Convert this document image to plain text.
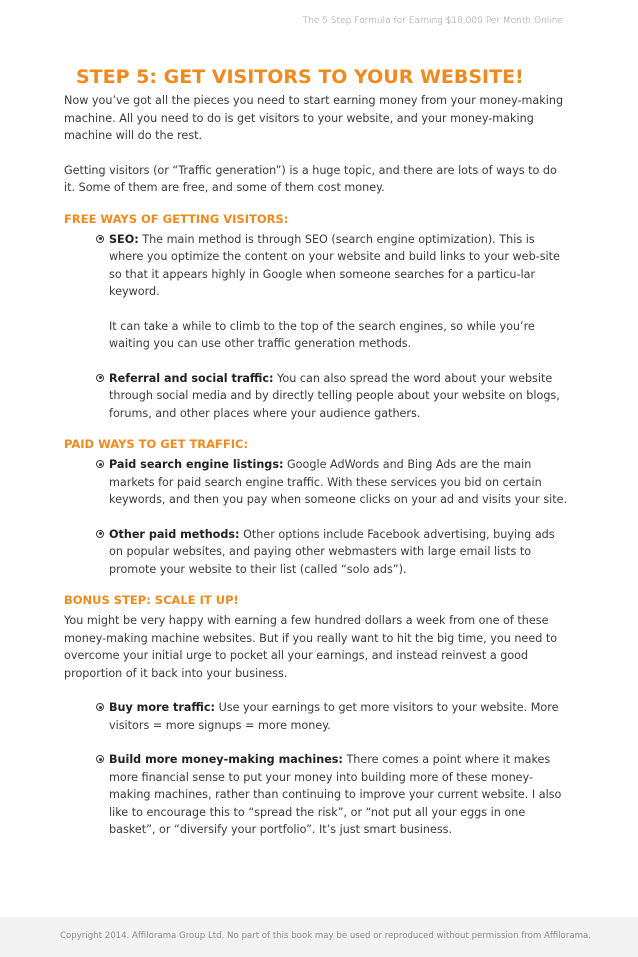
The 5 Step Formula for Earning $10,000 Per Month Online
STEP 5: GET VISITORS TO YOUR WEBSITE!

Now you’ve got all the pieces you need to start earning money from your money-making machine. All you need to do is get visitors to your website, and your money-making machine will do the rest.

Getting visitors (or “Traffic generation”) is a huge topic, and there are lots of ways to do it. Some of them are free, and some of them cost money.

FREE WAYS OF GETTING VISITORS:
SEO: The main method is through SEO (search engine optimization). This is where you optimize the content on your website and build links to your web-site so that it appears highly in Google when someone searches for a particu-lar keyword.
It can take a while to climb to the top of the search engines, so while you’re waiting you can use other traffic generation methods.
Referral and social traffic: You can also spread the word about your website through social media and by directly telling people about your website on blogs, forums, and other places where your audience gathers.
PAID WAYS TO GET TRAFFIC:
Paid search engine listings: Google AdWords and Bing Ads are the main markets for paid search engine traffic. With these services you bid on certain keywords, and then you pay when someone clicks on your ad and visits your site.
Other paid methods: Other options include Facebook advertising, buying ads on popular websites, and paying other webmasters with large email lists to promote your website to their list (called “solo ads”).
BONUS STEP: SCALE IT UP!

You might be very happy with earning a few hundred dollars a week from one of these money-making machine websites. But if you really want to hit the big time, you need to overcome your initial urge to pocket all your earnings, and instead reinvest a good proportion of it back into your business.

Buy more traffic: Use your earnings to get more visitors to your website. More visitors = more signups = more money.
Build more money-making machines: There comes a point where it makes more financial sense to put your money into building more of these money-making machines, rather than continuing to improve your current website. I also like to encourage this to “spread the risk”, or “not put all your eggs in one basket”, or “diversify your portfolio”. It’s just smart business.
Copyright 2014. Affilorama Group Ltd. No part of this book may be used or reproduced without permission from Affilorama.
